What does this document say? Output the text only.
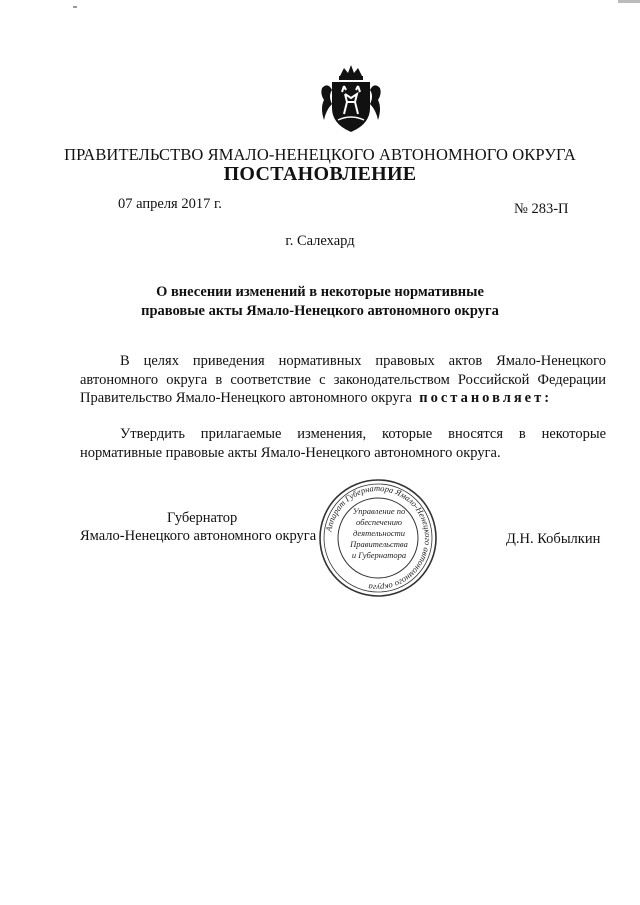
ПРАВИТЕЛЬСТВО ЯМАЛО-НЕНЕЦКОГО АВТОНОМНОГО ОКРУГА
ПОСТАНОВЛЕНИЕ
07 апреля 2017 г.	№ 283-П
г. Салехард
О внесении изменений в некоторые нормативные
правовые акты Ямало-Ненецкого автономного округа
В целях приведения нормативных правовых актов Ямало-Ненецкого
автономного округа в соответствие с законодательством Российской Федерации
Правительство Ямало-Ненецкого автономного округа постановляет:
Утвердить прилагаемые изменения, которые вносятся в некоторые
нормативные правовые акты Ямало-Ненецкого автономного округа.
Губернатор
Ямало-Ненецкого автономного округа	Д.Н. Кобылкин
Аппарат Губернатора Ямало-Ненецкого автономного округа
Управление по
обеспечению
деятельности
Правительства
и Губернатора
